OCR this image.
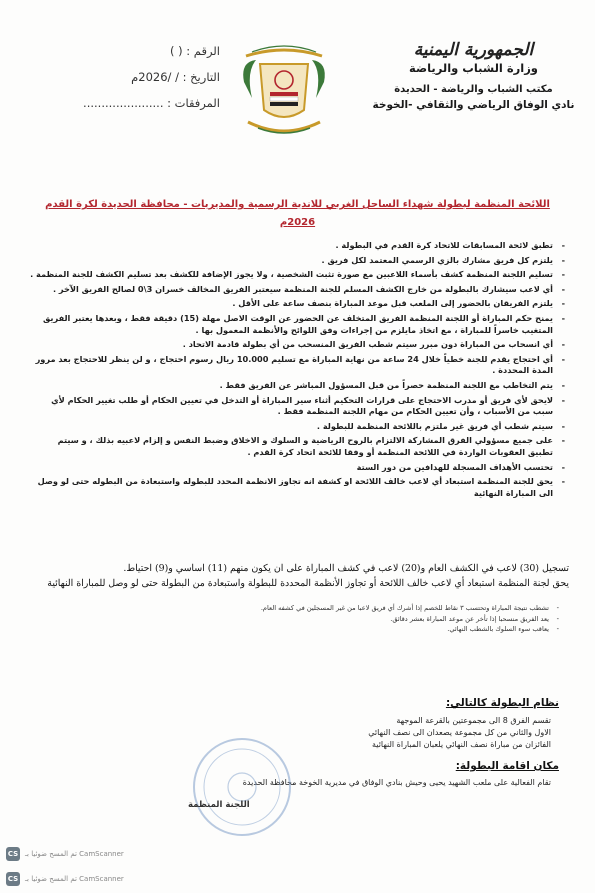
الجمهورية اليمنية
وزارة الشباب والرياضة
مكتب الشباب والرياضة - الحديدة
نادي الوفاق الرياضي والثقافي -الخوخة
الرقم : ( )
التاريخ : / /2026م
المرفقات : ......................
اللائحة المنظمة لبطولة شهداء الساحل الغربي للاندية الرسمية والمديريات - محافظة الحديدة لكرة القدم 2026م
- تطبق لائحة المسابقات للاتحاد كرة القدم في البطولة .
- يلتزم كل فريق مشارك بالزي الرسمي المعتمد لكل فريق .
- تسليم اللجنة المنظمة كشف بأسماء اللاعبين مع صورة تثبت الشخصية ، ولا يجوز الإضافة للكشف بعد تسليم الكشف للجنة المنظمة .
- أي لاعب سيشارك بالبطولة من خارج الكشف المسلم للجنة المنظمة سيعتبر الفريق المخالف خسران 3\0 لصالح الفريق الآخر .
- يلتزم الفريقان بالحضور إلى الملعب قبل موعد المباراة بنصف ساعة على الأقل .
- يمنح حكم المباراة أو اللجنة المنظمة الفريق المتخلف عن الحضور عن الوقت الاصل مهلة (15) دقيقة فقط ، وبعدها يعتبر الفريق المتغيب خاسراً للمباراة ، مع اتخاذ مايلزم من إجراءات وفق اللوائح والأنظمة المعمول بها .
- أي انسحاب من المباراة دون مبرر سيتم شطب الفريق المنسحب من أي بطولة قادمة الاتحاد .
- أي احتجاج يقدم للجنة خطياً خلال 24 ساعة من نهاية المباراة مع تسليم 10.000 ريال رسوم احتجاج ، و لن ينظر للاحتجاج بعد مرور المدة المحددة .
- يتم التخاطب مع اللجنة المنظمة حصراً من قبل المسؤول المباشر عن الفريق فقط .
- لايحق لأي فريق أو مدرب الاحتجاج على قرارات التحكيم أثناء سير المباراة أو التدخل في تعيين الحكام أو طلب تغيير الحكام لأي سبب من الأسباب ، وأن تعيين الحكام من مهام اللجنة المنظمة فقط .
- سيتم شطب أي فريق غير ملتزم باللائحة المنظمة للبطولة .
- على جميع مسؤولي الفرق المشاركة الالتزام بالروح الرياضية و السلوك و الاخلاق وضبط النفس و إلزام لاعبيه بذلك ، و سيتم تطبيق العقوبات الواردة في اللائحة المنظمة أو وفقا للائحة اتحاد كرة القدم .
- تحتسب الأهداف المسجلة للهدافين من دور الستة
- يحق للجنة المنظمة استبعاد أي لاعب خالف اللائحة او كشفة انه تجاوز الانظمة المحدد للبطوله واستبعادة من البطوله حتى لو وصل الى المباراة النهائية
تسجيل (30) لاعب في الكشف العام و(20) لاعب في كشف المباراة على ان يكون منهم (11) اساسي و(9) احتياط.
يحق لجنة المنظمة استبعاد أي لاعب خالف اللائحة أو تجاوز الأنظمة المحددة للبطولة واستبعادة من البطولة حتى لو وصل للمباراة النهائية
- تشطب نتيجة المباراة وتحتسب ٣ نقاط للخصم إذا أشرك أي فريق لاعبا من غير المسجلين في كشفه العام.
- يعد الفريق منسحبا إذا تأخر عن موعد المباراة بعشر دقائق.
- يعاقب سوء السلوك بالشطب النهائي.
نظام البطولة كالتالي:
تقسم الفرق 8 الى مجموعتين بالقرعة الموجهة
الاول والثاني من كل مجموعة يصعدان الى نصف النهائي
الفائزان من مباراة نصف النهائي يلعبان المباراة النهائية
مكان اقامة البطولة:
تقام الفعالية على ملعب الشهيد يحيى وحيش بنادي الوفاق في مديرية الخوخة محافظة الحديدة
اللجنة المنظمة
CS تم المسح ضوئيا بـ CamScanner
CS تم المسح ضوئيا بـ CamScanner
